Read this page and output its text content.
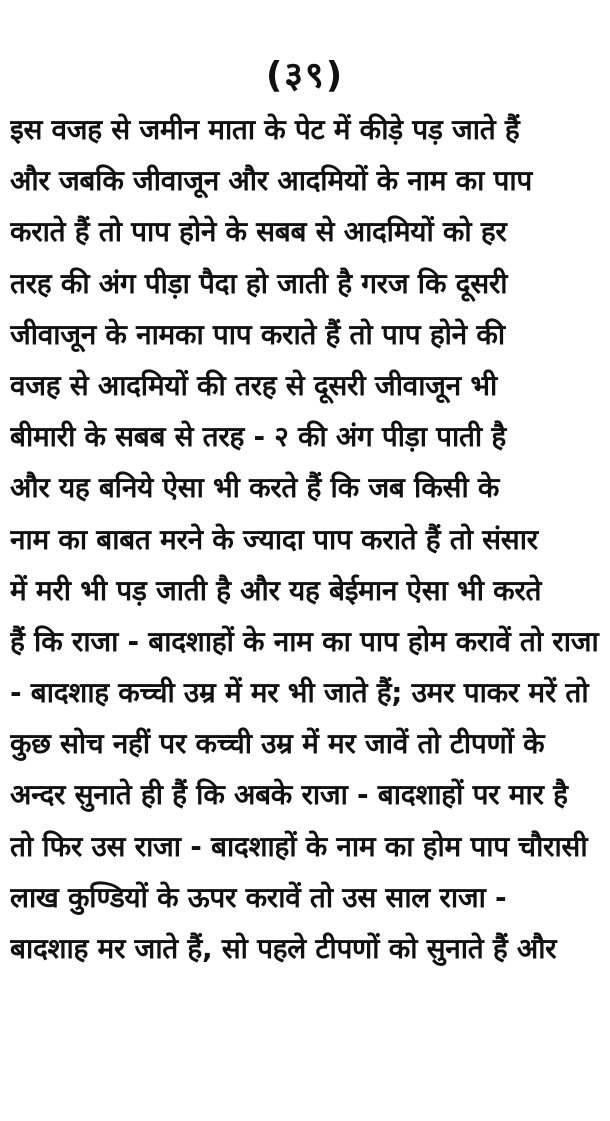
(३९)
इस वजह से जमीन माता के पेट में कीड़े पड़ जाते हैं
और जबकि जीवाजून और आदमियों के नाम का पाप
कराते हैं तो पाप होने के सबब से आदमियों को हर
तरह की अंग पीड़ा पैदा हो जाती है गरज कि दूसरी
जीवाजून के नामका पाप कराते हैं तो पाप होने की
वजह से आदमियों की तरह से दूसरी जीवाजून भी
बीमारी के सबब से तरह - २ की अंग पीड़ा पाती है
और यह बनिये ऐसा भी करते हैं कि जब किसी के
नाम का बाबत मरने के ज्यादा पाप कराते हैं तो संसार
में मरी भी पड़ जाती है और यह बेईमान ऐसा भी करते
हैं कि राजा - बादशाहों के नाम का पाप होम करावें तो राजा
- बादशाह कच्ची उम्र में मर भी जाते हैं; उमर पाकर मरें तो
कुछ सोच नहीं पर कच्ची उम्र में मर जावें तो टीपणों के
अन्दर सुनाते ही हैं कि अबके राजा - बादशाहों पर मार है
तो फिर उस राजा - बादशाहों के नाम का होम पाप चौरासी
लाख कुण्डियों के ऊपर करावें तो उस साल राजा -
बादशाह मर जाते हैं, सो पहले टीपणों को सुनाते हैं और
